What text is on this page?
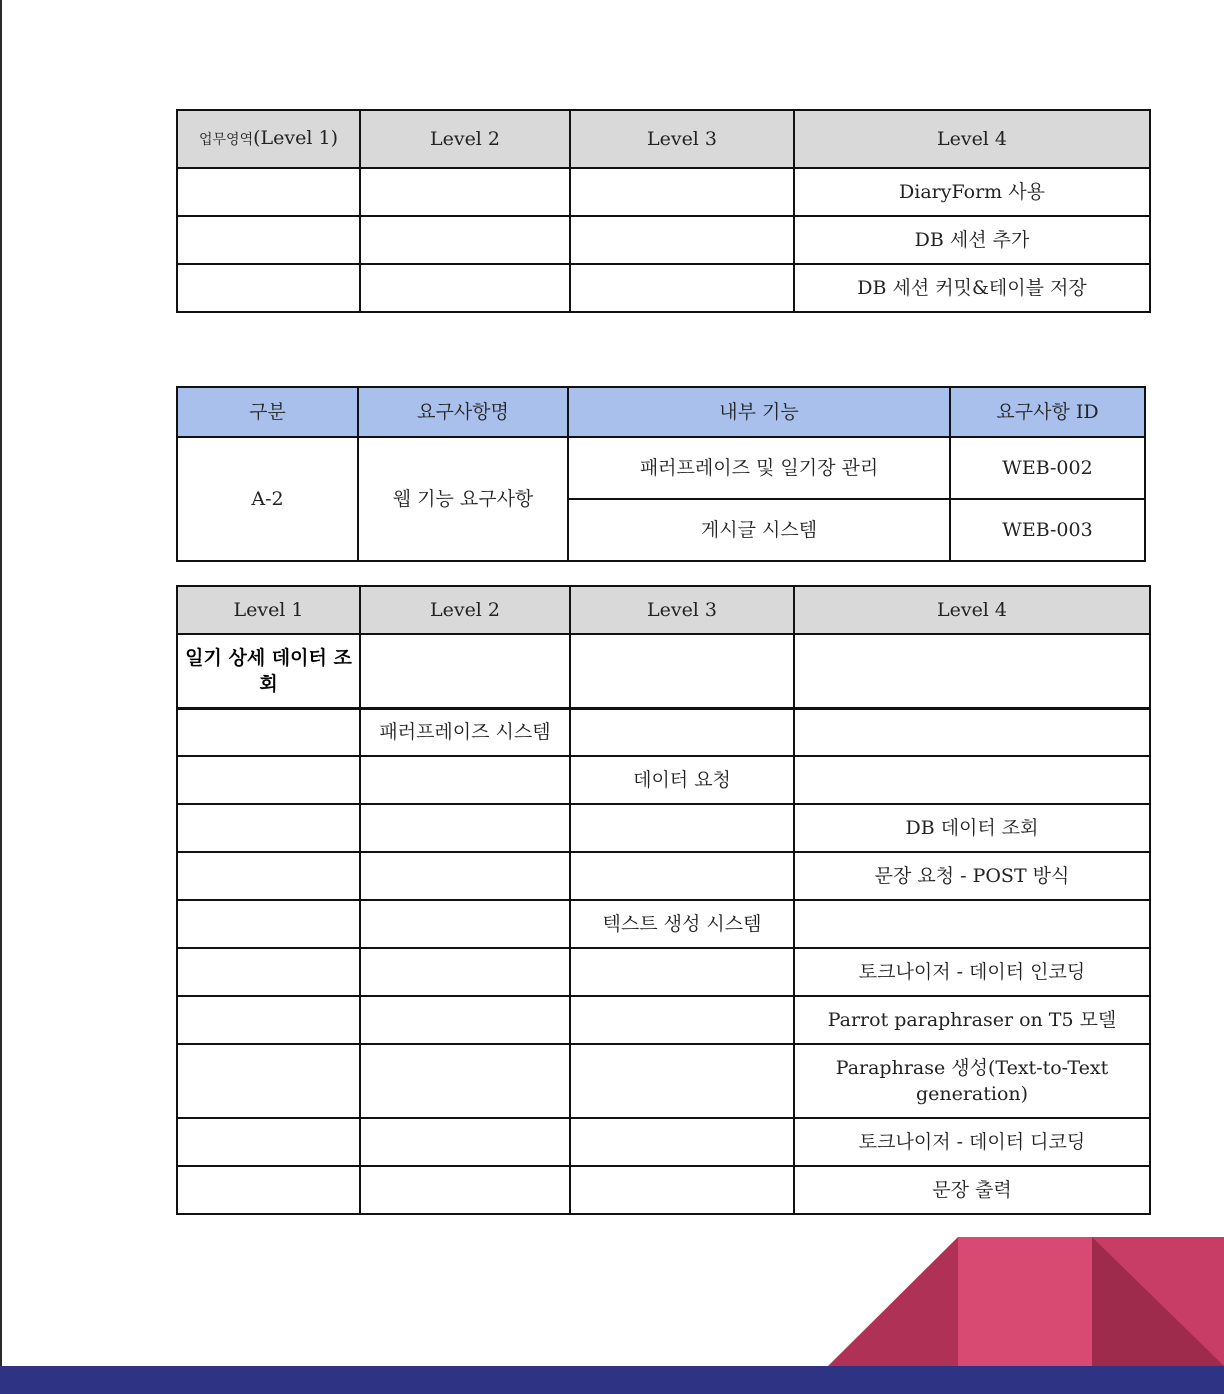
업무영역(Level 1)	Level 2	Level 3	Level 4
			DiaryForm 사용
			DB 세션 추가
			DB 세션 커밋&테이블 저장
구분	요구사항명	내부 기능	요구사항 ID
A-2	웹 기능 요구사항	패러프레이즈 및 일기장 관리	WEB-002
		게시글 시스템	WEB-003
Level 1	Level 2	Level 3	Level 4
일기 상세 데이터 조회			
	패러프레이즈 시스템		
		데이터 요청	
			DB 데이터 조회
			문장 요청 - POST 방식
		텍스트 생성 시스템	
			토크나이저 - 데이터 인코딩
			Parrot paraphraser on T5 모델
			Paraphrase 생성(Text-to-Text generation)
			토크나이저 - 데이터 디코딩
			문장 출력
